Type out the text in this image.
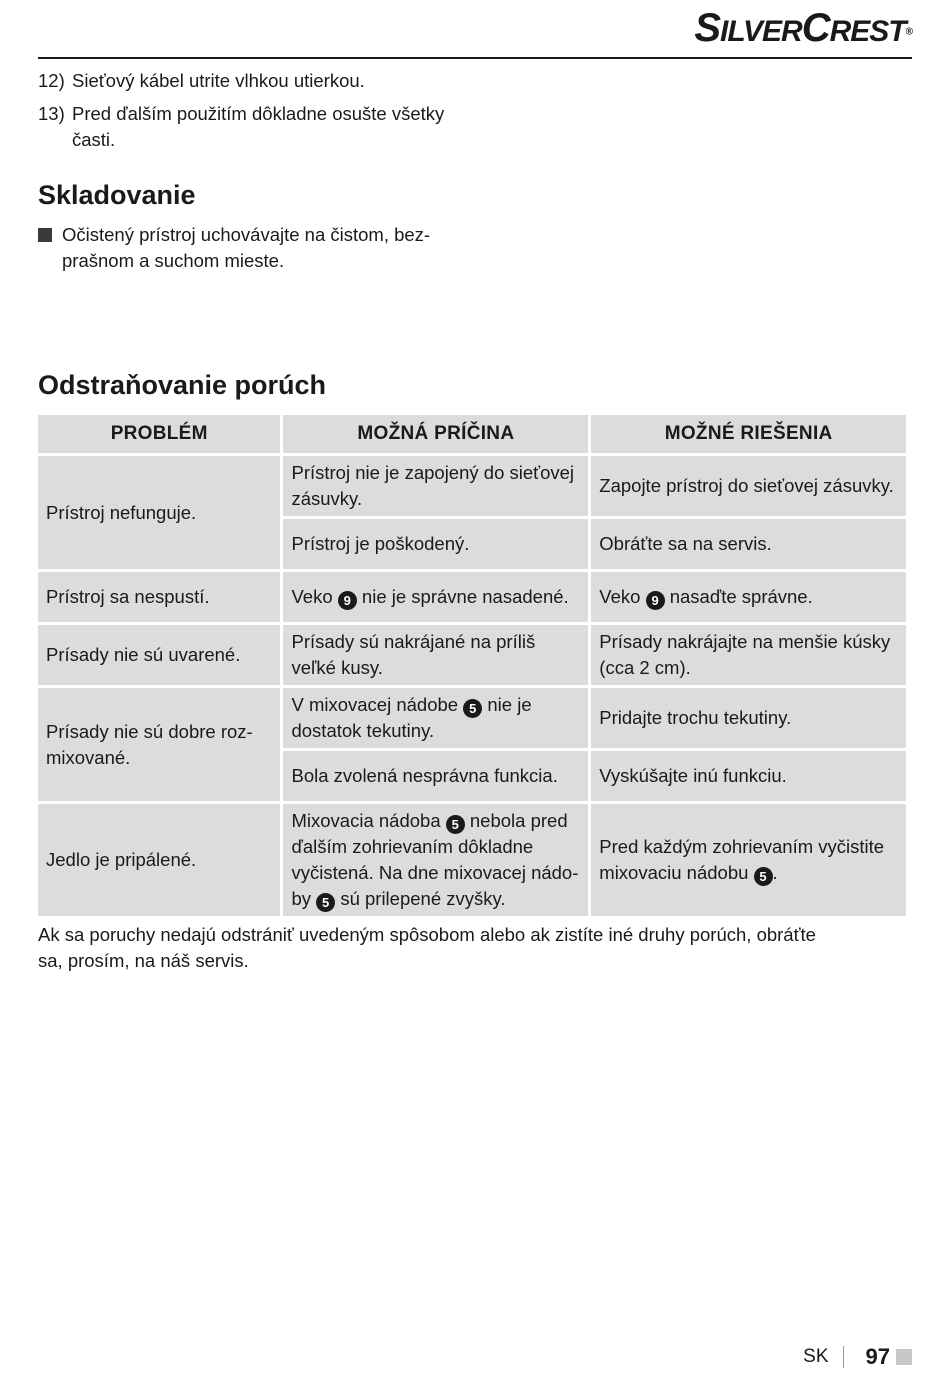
SILVERCREST®
12) Sieťový kábel utrite vlhkou utierkou.
13) Pred ďalším použitím dôkladne osušte všetky
časti.
Skladovanie
Očistený prístroj uchovávajte na čistom, bez-
prašnom a suchom mieste.
Odstraňovanie porúch
PROBLÉM	MOŽNÁ PRÍČINA	MOŽNÉ RIEŠENIA
Prístroj nefunguje.	Prístroj nie je zapojený do sieťovej zásuvky.	Zapojte prístroj do sieťovej zásuvky.
	Prístroj je poškodený.	Obráťte sa na servis.
Prístroj sa nespustí.	Veko 9 nie je správne nasadené.	Veko 9 nasaďte správne.
Prísady nie sú uvarené.	Prísady sú nakrájané na príliš veľké kusy.	Prísady nakrájajte na menšie kúsky (cca 2 cm).
Prísady nie sú dobre roz-mixované.	V mixovacej nádobe 5 nie je dostatok tekutiny.	Pridajte trochu tekutiny.
	Bola zvolená nesprávna funkcia.	Vyskúšajte inú funkciu.
Jedlo je pripálené.	Mixovacia nádoba 5 nebola pred ďalším zohrievaním dôkladne vyčistená. Na dne mixovacej nádo-by 5 sú prilepené zvyšky.	Pred každým zohrievaním vyčistite mixovaciu nádobu 5 .
Ak sa poruchy nedajú odstrániť uvedeným spôsobom alebo ak zistíte iné druhy porúch, obráťte sa, prosím, na náš servis.
SK 97
